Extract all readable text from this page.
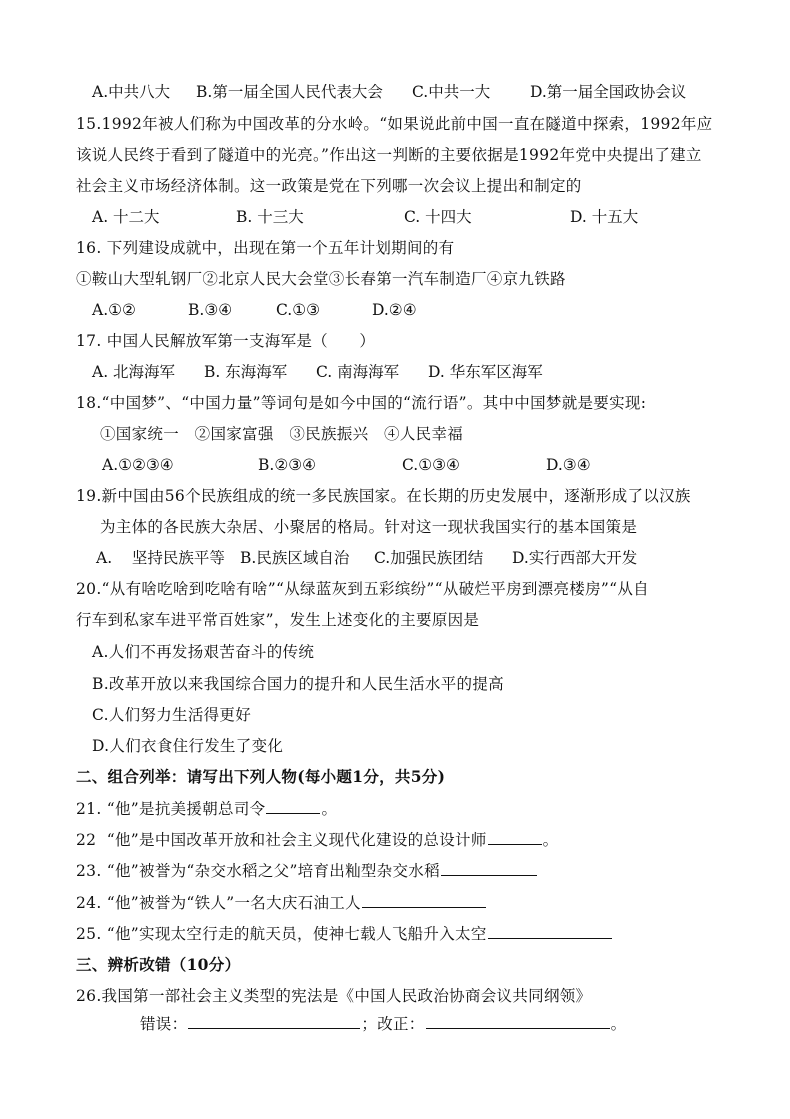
A.中共八大 B.第一届全国人民代表大会 C.中共一大	D.第一届全国政协会议
15.1992年被人们称为中国改革的分水岭。“如果说此前中国一直在隧道中探索，1992年应
该说人民终于看到了隧道中的光亮。”作出这一判断的主要依据是1992年党中央提出了建立
社会主义市场经济体制。这一政策是党在下列哪一次会议上提出和制定的
A. 十二大	B. 十三大	C. 十四大	D. 十五大
16. 下列建设成就中，出现在第一个五年计划期间的有
①鞍山大型轧钢厂②北京人民大会堂③长春第一汽车制造厂④京九铁路
A.①②	B.③④	C.①③	D.②④
17. 中国人民解放军第一支海军是（      ）
A. 北海海军 B. 东海海军 C. 南海海军 D. 华东军区海军
18.“中国梦”、“中国力量”等词句是如今中国的“流行语”。其中中国梦就是要实现:
①国家统一   ②国家富强   ③民族振兴   ④人民幸福
A.①②③④	B.②③④	C.①③④	D.③④
19.新中国由56个民族组成的统一多民族国家。在长期的历史发展中，逐渐形成了以汉族
为主体的各民族大杂居、小聚居的格局。针对这一现状我国实行的基本国策是
A.    坚持民族平等 B.民族区域自治 C.加强民族团结 D.实行西部大开发
20.“从有啥吃啥到吃啥有啥”“从绿蓝灰到五彩缤纷”“从破烂平房到漂亮楼房”“从自
行车到私家车进平常百姓家”，发生上述变化的主要原因是
A.人们不再发扬艰苦奋斗的传统
B.改革开放以来我国综合国力的提升和人民生活水平的提高
C.人们努力生活得更好
D.人们衣食住行发生了变化
二、组合列举：请写出下列人物(每小题1分，共5分)
21. “他”是抗美援朝总司令	。
22  “他”是中国改革开放和社会主义现代化建设的总设计师	。
23. “他”被誉为“杂交水稻之父”培育出籼型杂交水稻
24. “他”被誉为“铁人”一名大庆石油工人
25. “他”实现太空行走的航天员，使神七载人飞船升入太空
三、辨析改错（10分）
26.我国第一部社会主义类型的宪法是《中国人民政治协商会议共同纲领》
错误：	；改正：	。
